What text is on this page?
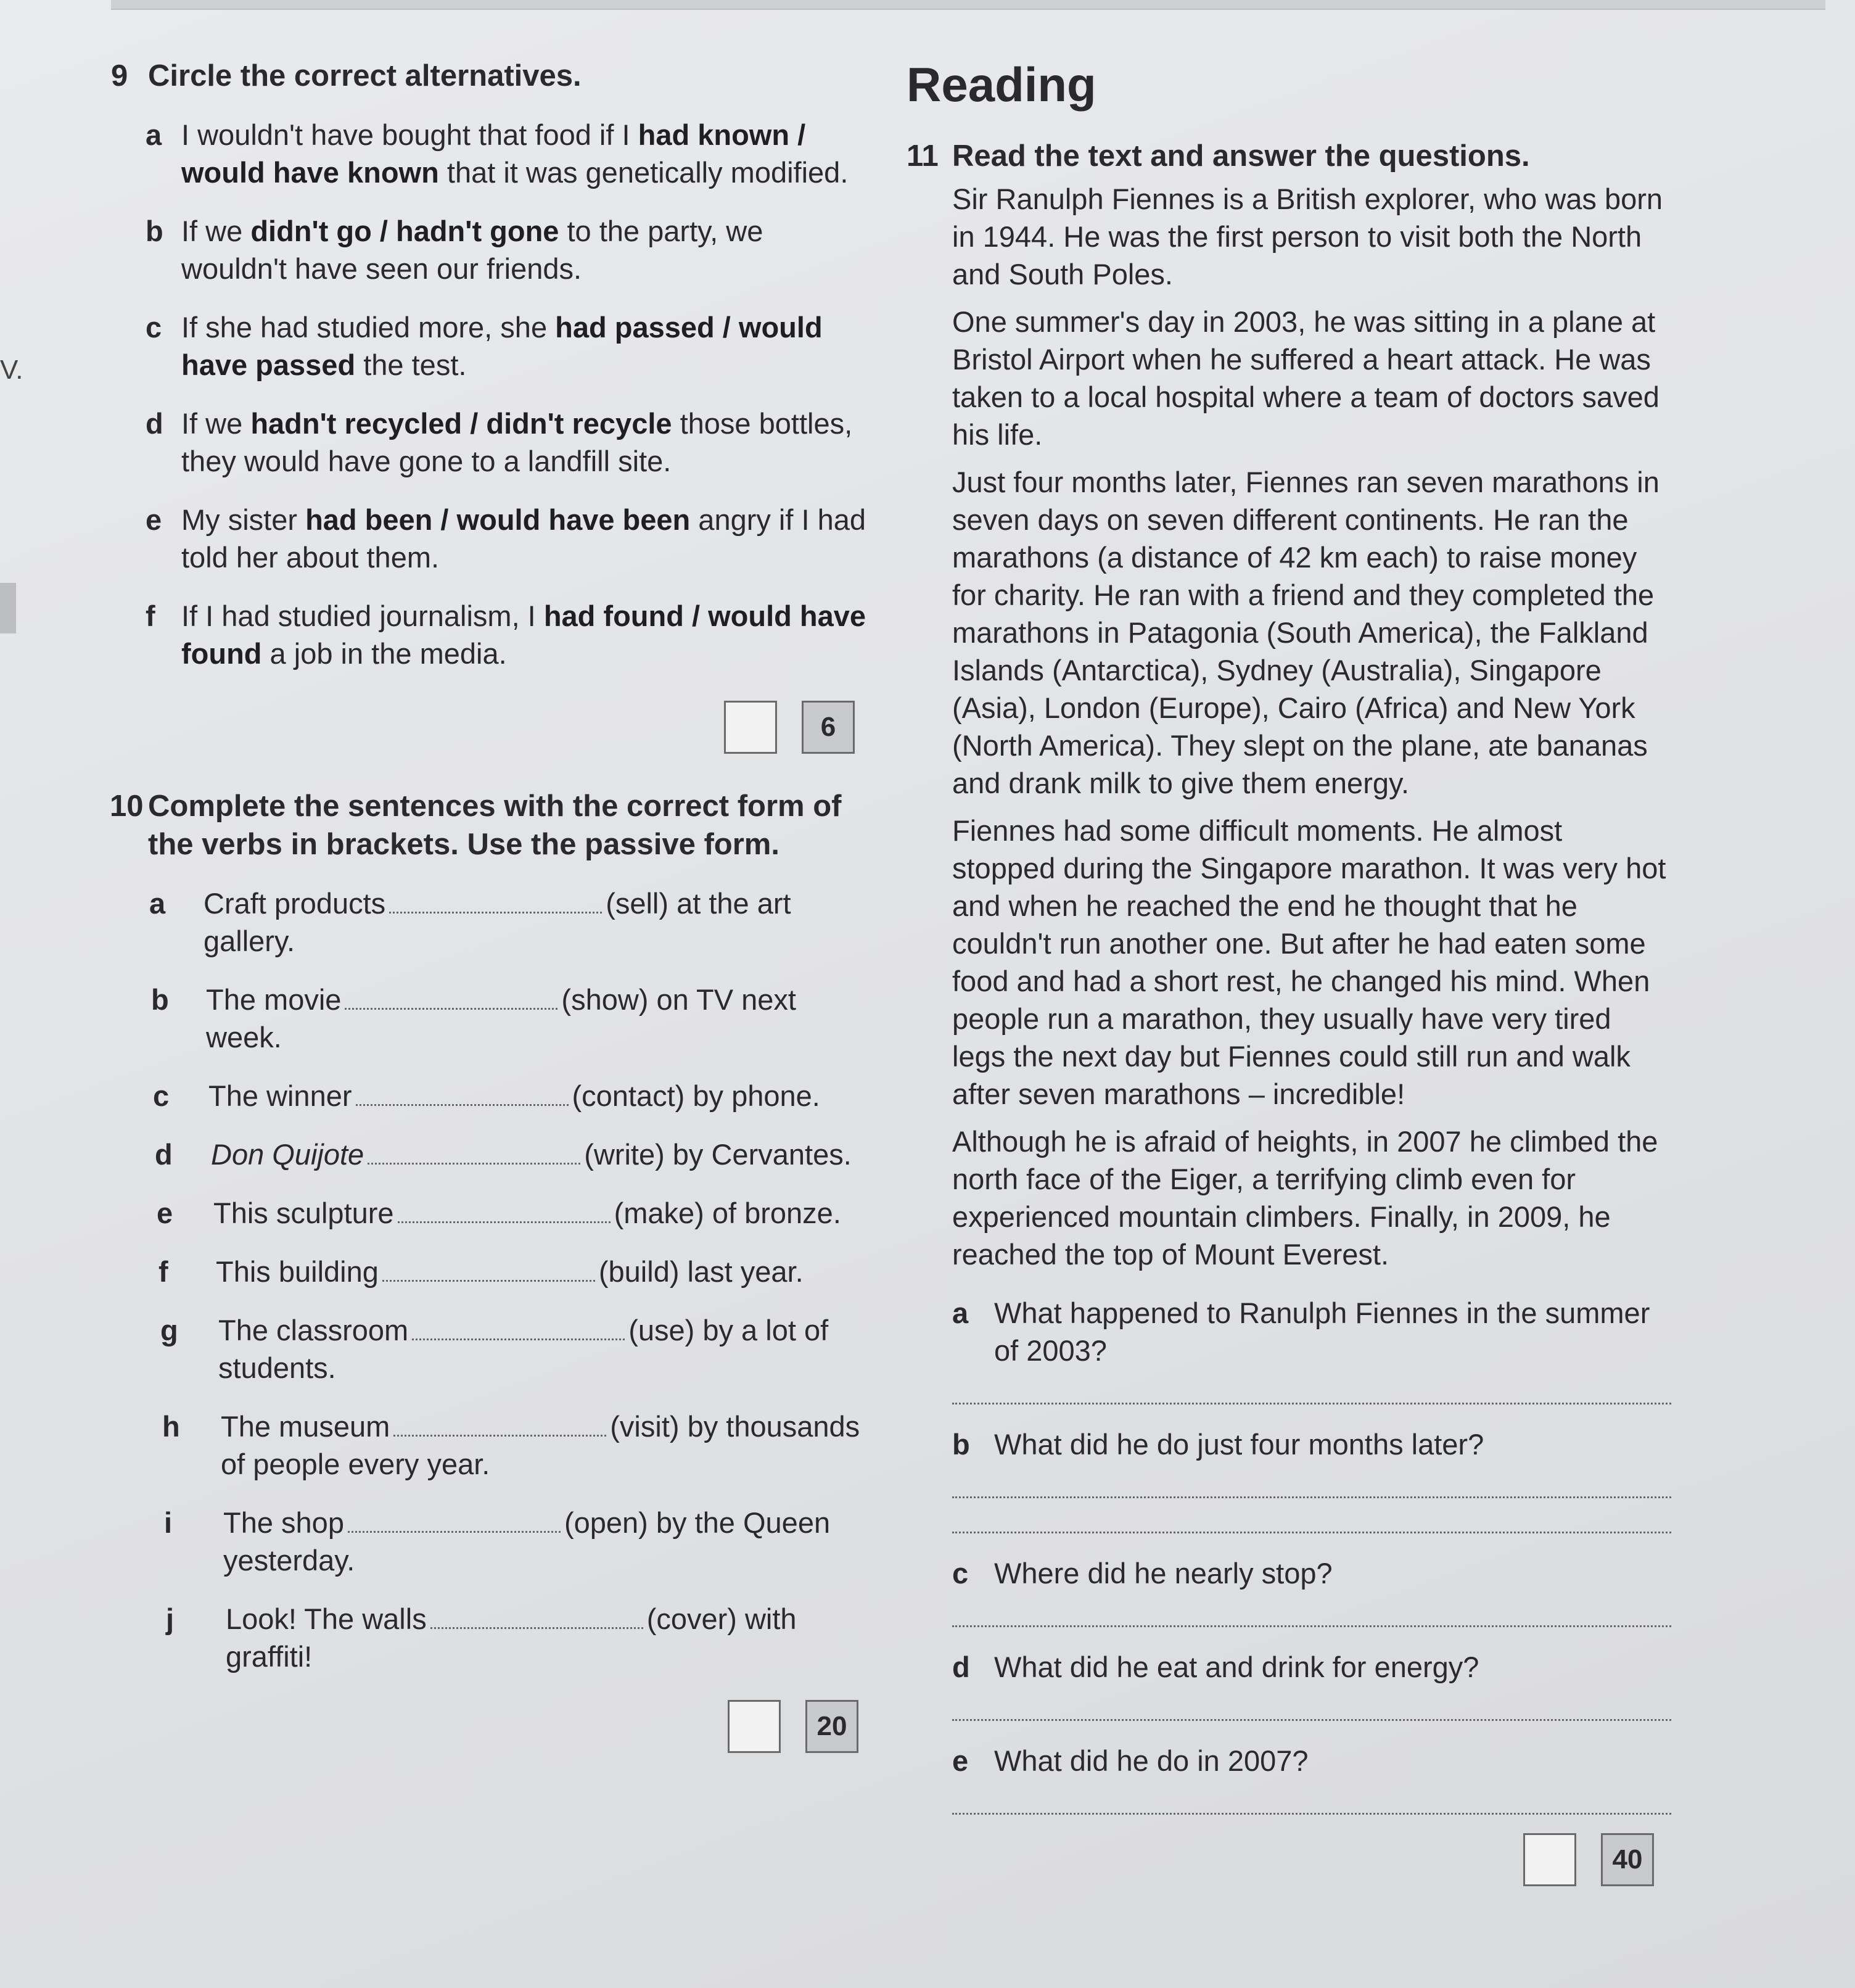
V.
9 Circle the correct alternatives.
a I wouldn't have bought that food if I had known / would have known that it was genetically modified.
b If we didn't go / hadn't gone to the party, we wouldn't have seen our friends.
c If she had studied more, she had passed / would have passed the test.
d If we hadn't recycled / didn't recycle those bottles, they would have gone to a landfill site.
e My sister had been / would have been angry if I had told her about them.
f If I had studied journalism, I had found / would have found a job in the media.
6
10 Complete the sentences with the correct form of the verbs in brackets. Use the passive form.
a Craft products	(sell) at the art gallery.
b The movie	(show) on TV next week.
c The winner	(contact) by phone.
d Don Quijote	(write) by Cervantes.
e This sculpture	(make) of bronze.
f This building	(build) last year.
g The classroom	(use) by a lot of students.
h The museum	(visit) by thousands of people every year.
i The shop	(open) by the Queen yesterday.
j Look! The walls	(cover) with graffiti!
20
Reading
11 Read the text and answer the questions.
Sir Ranulph Fiennes is a British explorer, who was born in 1944. He was the first person to visit both the North and South Poles.
One summer's day in 2003, he was sitting in a plane at Bristol Airport when he suffered a heart attack. He was taken to a local hospital where a team of doctors saved his life.
Just four months later, Fiennes ran seven marathons in seven days on seven different continents. He ran the marathons (a distance of 42 km each) to raise money for charity. He ran with a friend and they completed the marathons in Patagonia (South America), the Falkland Islands (Antarctica), Sydney (Australia), Singapore (Asia), London (Europe), Cairo (Africa) and New York (North America). They slept on the plane, ate bananas and drank milk to give them energy.
Fiennes had some difficult moments. He almost stopped during the Singapore marathon. It was very hot and when he reached the end he thought that he couldn't run another one. But after he had eaten some food and had a short rest, he changed his mind. When people run a marathon, they usually have very tired legs the next day but Fiennes could still run and walk after seven marathons – incredible!
Although he is afraid of heights, in 2007 he climbed the north face of the Eiger, a terrifying climb even for experienced mountain climbers. Finally, in 2009, he reached the top of Mount Everest.
a What happened to Ranulph Fiennes in the summer of 2003?
b What did he do just four months later?
c Where did he nearly stop?
d What did he eat and drink for energy?
e What did he do in 2007?
40
